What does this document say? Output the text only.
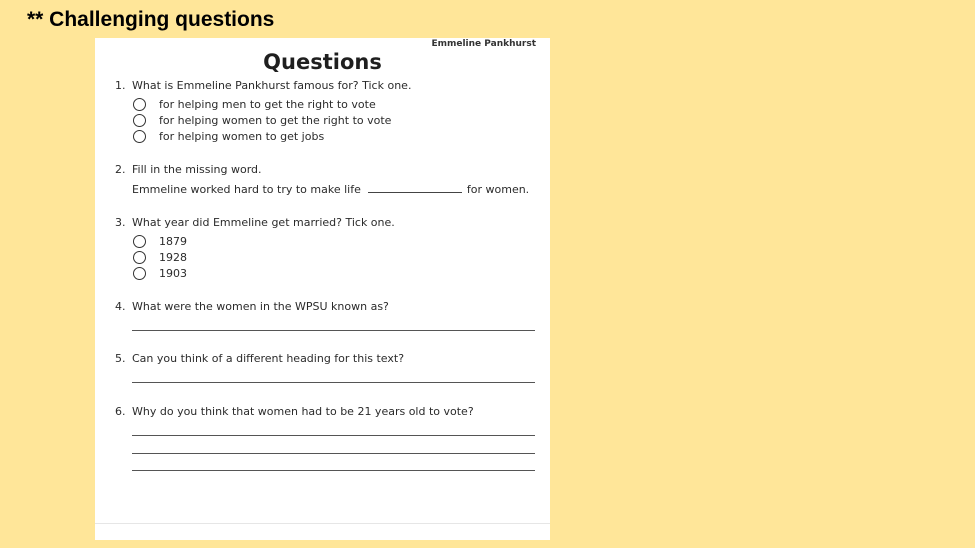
** Challenging questions
Emmeline Pankhurst
Questions
1. What is Emmeline Pankhurst famous for? Tick one.
for helping men to get the right to vote
for helping women to get the right to vote
for helping women to get jobs
2. Fill in the missing word.
Emmeline worked hard to try to make life	for women.
3. What year did Emmeline get married? Tick one.
1879
1928
1903
4. What were the women in the WPSU known as?
5. Can you think of a different heading for this text?
6. Why do you think that women had to be 21 years old to vote?
